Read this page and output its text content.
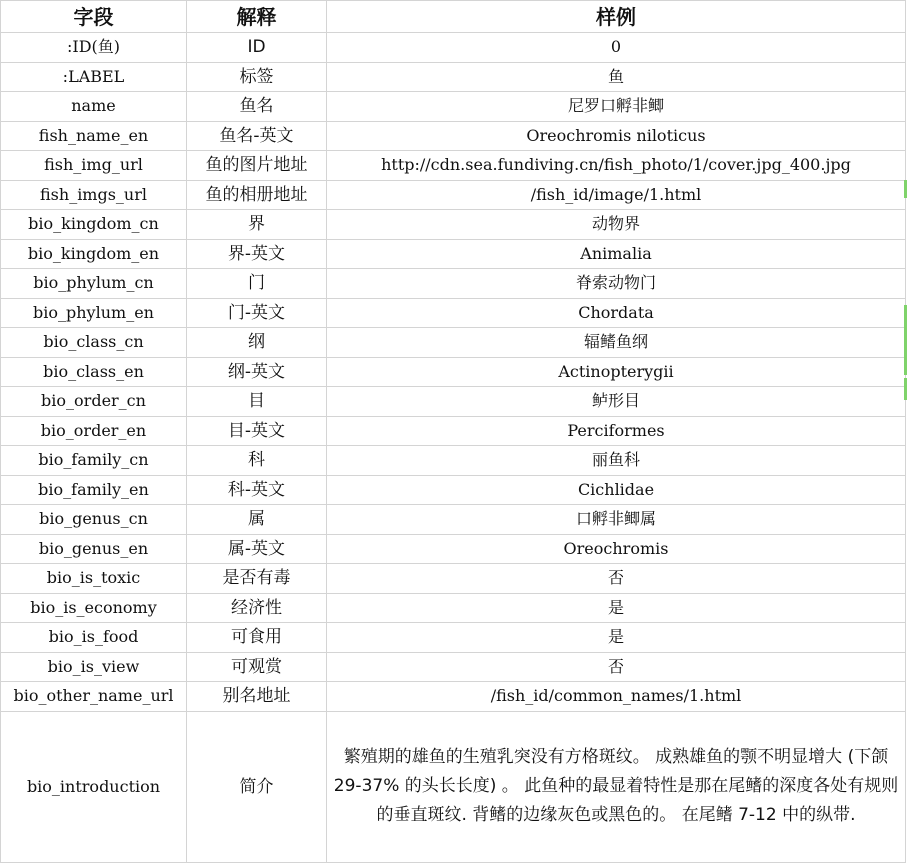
字段	解释	样例
:ID(鱼)	ID	0
:LABEL	标签	鱼
name	鱼名	尼罗口孵非鲫
fish_name_en	鱼名-英文	Oreochromis niloticus
fish_img_url	鱼的图片地址	http://cdn.sea.fundiving.cn/fish_photo/1/cover.jpg_400.jpg
fish_imgs_url	鱼的相册地址	/fish_id/image/1.html
bio_kingdom_cn	界	动物界
bio_kingdom_en	界-英文	Animalia
bio_phylum_cn	门	脊索动物门
bio_phylum_en	门-英文	Chordata
bio_class_cn	纲	辐鳍鱼纲
bio_class_en	纲-英文	Actinopterygii
bio_order_cn	目	鲈形目
bio_order_en	目-英文	Perciformes
bio_family_cn	科	丽鱼科
bio_family_en	科-英文	Cichlidae
bio_genus_cn	属	口孵非鲫属
bio_genus_en	属-英文	Oreochromis
bio_is_toxic	是否有毒	否
bio_is_economy	经济性	是
bio_is_food	可食用	是
bio_is_view	可观赏	否
bio_other_name_url	别名地址	/fish_id/common_names/1.html
bio_introduction	简介	繁殖期的雄鱼的生殖乳突没有方格斑纹。 成熟雄鱼的颚不明显增大 (下颌 29-37% 的头长长度) 。 此鱼种的最显着特性是那在尾鳍的深度各处有规则的垂直斑纹. 背鳍的边缘灰色或黑色的。 在尾鳍 7-12 中的纵带.
